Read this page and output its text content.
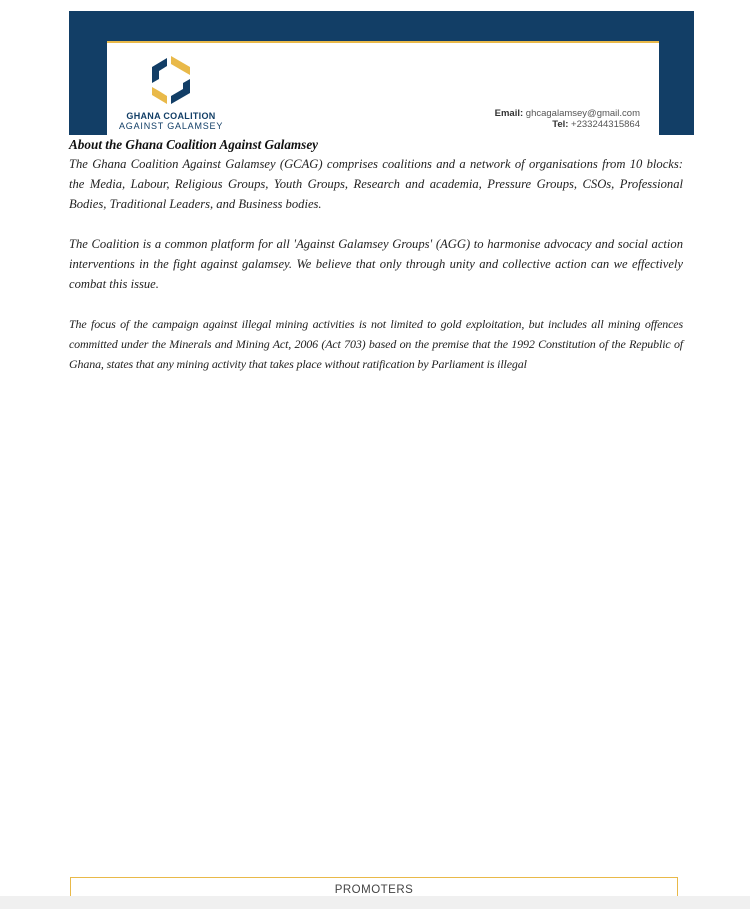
GHANA COALITION
AGAINST GALAMSEY
Email: ghcagalamsey@gmail.com
Tel: +233244315864
About the Ghana Coalition Against Galamsey

The Ghana Coalition Against Galamsey (GCAG) comprises coalitions and a network of organisations from 10 blocks: the Media, Labour, Religious Groups, Youth Groups, Research and academia, Pressure Groups, CSOs, Professional Bodies, Traditional Leaders, and Business bodies.

The Coalition is a common platform for all 'Against Galamsey Groups' (AGG) to harmonise advocacy and social action interventions in the fight against galamsey. We believe that only through unity and collective action can we effectively combat this issue.

The focus of the campaign against illegal mining activities is not limited to gold exploitation, but includes all mining offences committed under the Minerals and Mining Act, 2006 (Act 703) based on the premise that the 1992 Constitution of the Republic of Ghana, states that any mining activity that takes place without ratification by Parliament is illegal

PROMOTERS
